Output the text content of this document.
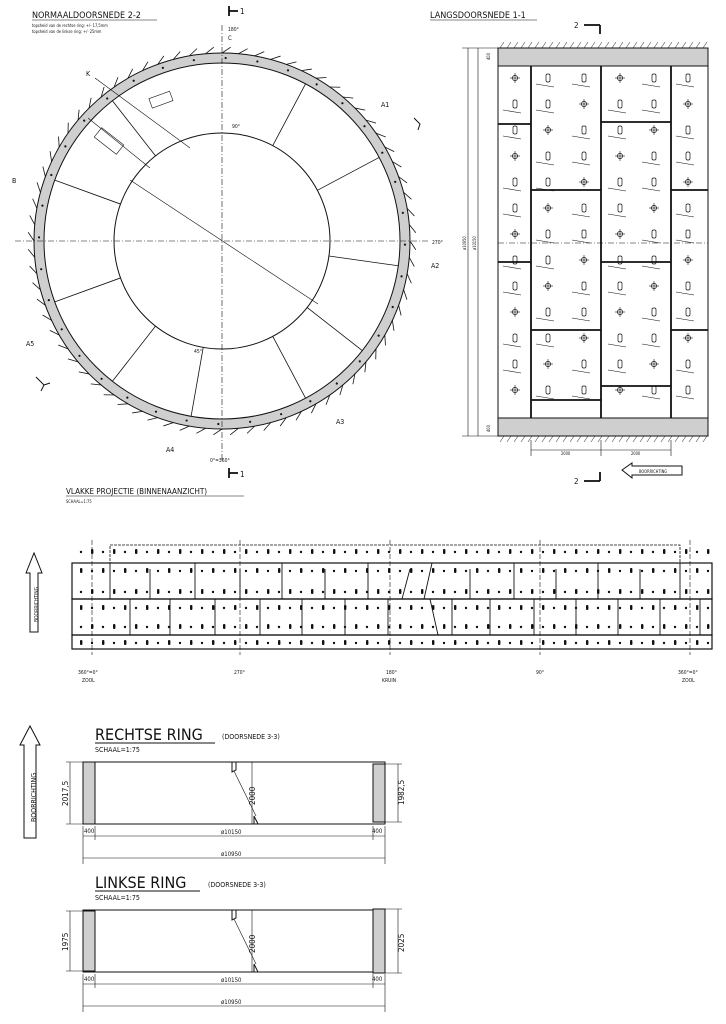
NORMAALDOORSNEDE 2-2
topsheid van de rechtse ring: +/- 17,5mm
topsheid van de linkse ring: +/- 25mm	180°
C
0°=360°
270°
90°
45°
K
B
A1
A2
A3
A4
A5
1
1
LANGSDOORSNEDE 1-1
2
2
ø10950 ø10150
400
400
2000	2000
BOORRICHTING
VLAKKE PROJECTIE (BINNENAANZICHT)
SCHAAL=1:75
BOORRICHTING
360°=0°
ZOOL
270°	180°
KRUIN
90°	360°=0°
ZOOL
BOORRICHTING
RECHTSE RING	(DOORSNEDE 3-3)
SCHAAL=1:75
2017,5	1982,5
2000
400	400
ø10150
ø10950
LINKSE RING	(DOORSNEDE 3-3)
SCHAAL=1:75
1975	2025
2000
400	400
ø10150
ø10950
